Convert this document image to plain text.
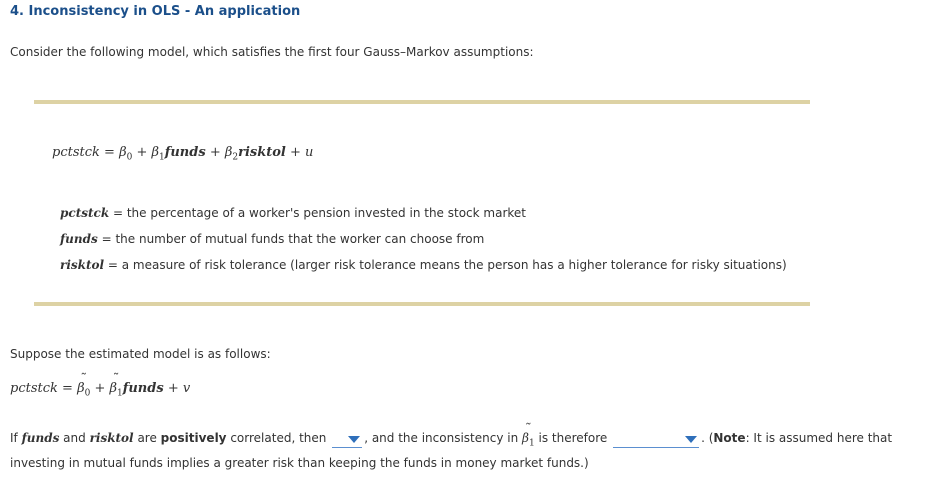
4. Inconsistency in OLS - An application
Consider the following model, which satisfies the first four Gauss–Markov assumptions:
pctstck = $\beta_0$ + $\beta_1funds$ + $\beta_2risktol + u$
pctstck = the percentage of a worker's pension invested in the stock market
funds = the number of mutual funds that the worker can choose from
risktol = a measure of risk tolerance (larger risk tolerance means the person has a higher tolerance for risky situations)
Suppose the estimated model is as follows:
pctstck = ˜ $\beta_0$ + ˜ $\beta_1funds + v$
If funds and risktol are positively correlated, then	, and the inconsistency in ˜ $\beta_1$ is therefore	. (Note: It is assumed here that
investing in mutual funds implies a greater risk than keeping the funds in money market funds.)
